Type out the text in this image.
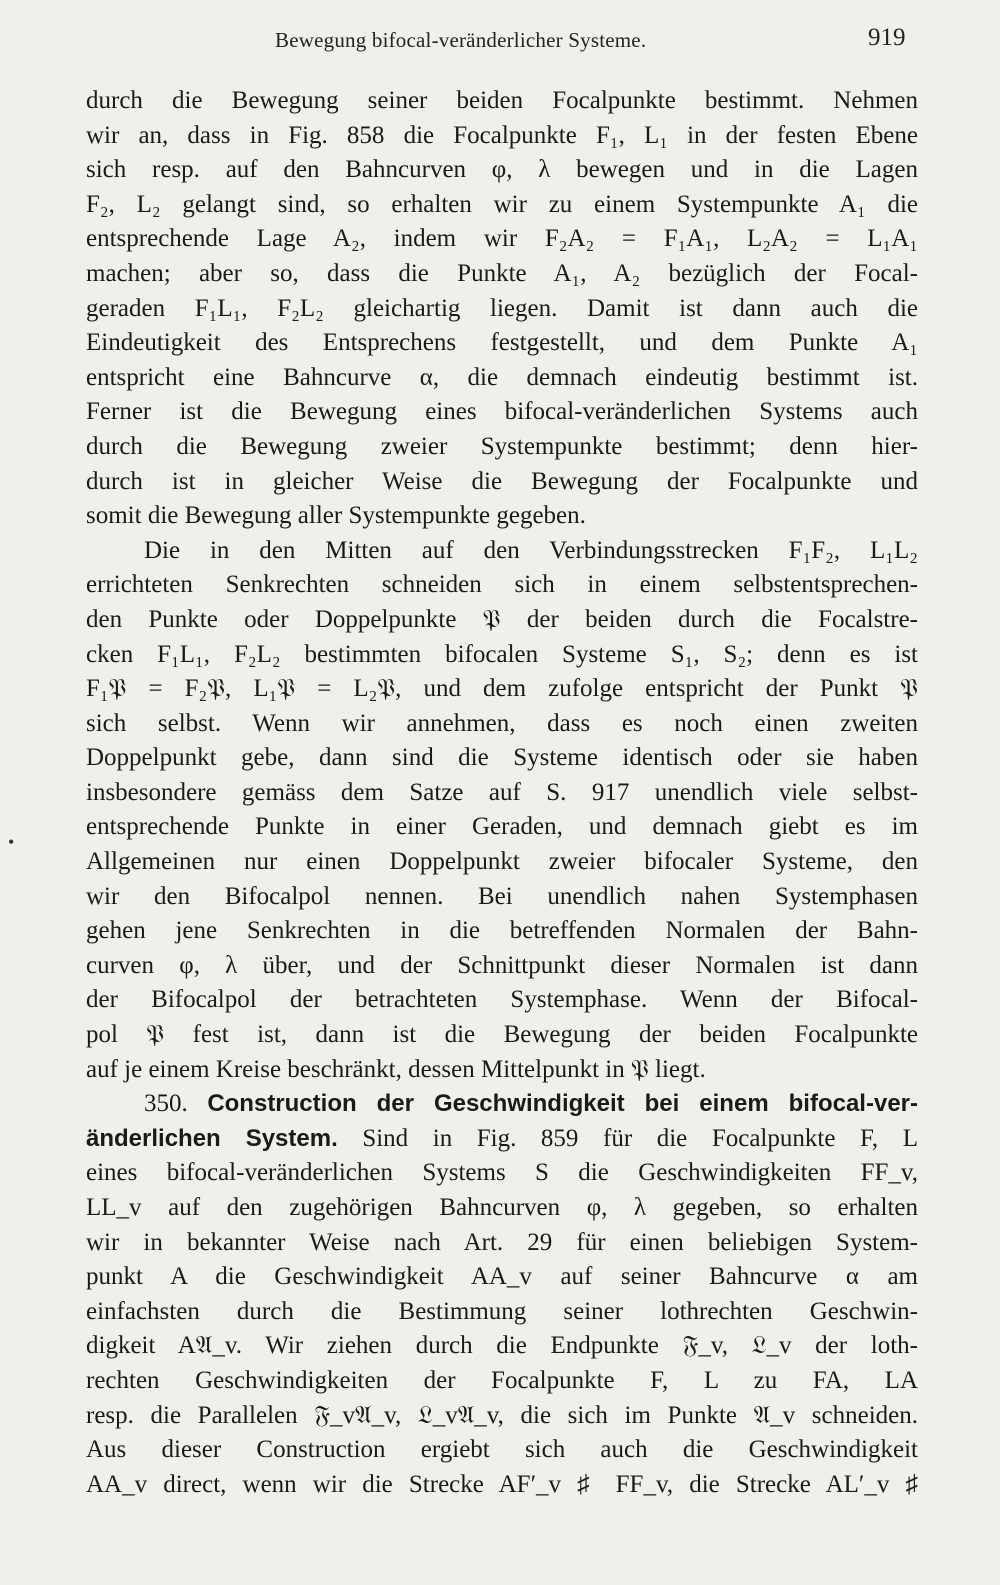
Bewegung bifocal-veränderlicher Systeme.	919
•
durch die Bewegung seiner beiden Focalpunkte bestimmt. Nehmen
wir an, dass in Fig. 858 die Focalpunkte F₁, L₁ in der festen Ebene
sich resp. auf den Bahncurven φ, λ bewegen und in die Lagen
F₂, L₂ gelangt sind, so erhalten wir zu einem Systempunkte A₁ die
entsprechende Lage A₂, indem wir F₂A₂ = F₁A₁, L₂A₂ = L₁A₁
machen; aber so, dass die Punkte A₁, A₂ bezüglich der Focal-
geraden F₁L₁, F₂L₂ gleichartig liegen. Damit ist dann auch die
Eindeutigkeit des Entsprechens festgestellt, und dem Punkte A₁
entspricht eine Bahncurve α, die demnach eindeutig bestimmt ist.
Ferner ist die Bewegung eines bifocal-veränderlichen Systems auch
durch die Bewegung zweier Systempunkte bestimmt; denn hier-
durch ist in gleicher Weise die Bewegung der Focalpunkte und
somit die Bewegung aller Systempunkte gegeben.
Die in den Mitten auf den Verbindungsstrecken F₁F₂, L₁L₂
errichteten Senkrechten schneiden sich in einem selbstentsprechen-
den Punkte oder Doppelpunkte 𝔓 der beiden durch die Focalstre-
cken F₁L₁, F₂L₂ bestimmten bifocalen Systeme S₁, S₂; denn es ist
F₁𝔓 = F₂𝔓, L₁𝔓 = L₂𝔓, und dem zufolge entspricht der Punkt 𝔓
sich selbst. Wenn wir annehmen, dass es noch einen zweiten
Doppelpunkt gebe, dann sind die Systeme identisch oder sie haben
insbesondere gemäss dem Satze auf S. 917 unendlich viele selbst-
entsprechende Punkte in einer Geraden, und demnach giebt es im
Allgemeinen nur einen Doppelpunkt zweier bifocaler Systeme, den
wir den Bifocalpol nennen. Bei unendlich nahen Systemphasen
gehen jene Senkrechten in die betreffenden Normalen der Bahn-
curven φ, λ über, und der Schnittpunkt dieser Normalen ist dann
der Bifocalpol der betrachteten Systemphase. Wenn der Bifocal-
pol 𝔓 fest ist, dann ist die Bewegung der beiden Focalpunkte
auf je einem Kreise beschränkt, dessen Mittelpunkt in 𝔓 liegt.
350. Construction der Geschwindigkeit bei einem bifocal-ver-
änderlichen System. Sind in Fig. 859 für die Focalpunkte F, L
eines bifocal-veränderlichen Systems S die Geschwindigkeiten FF_v,
LL_v auf den zugehörigen Bahncurven φ, λ gegeben, so erhalten
wir in bekannter Weise nach Art. 29 für einen beliebigen System-
punkt A die Geschwindigkeit AA_v auf seiner Bahncurve α am
einfachsten durch die Bestimmung seiner lothrechten Geschwin-
digkeit A𝔄_v. Wir ziehen durch die Endpunkte 𝔉_v, 𝔏_v der loth-
rechten Geschwindigkeiten der Focalpunkte F, L zu FA, LA
resp. die Parallelen 𝔉_v𝔄_v, 𝔏_v𝔄_v, die sich im Punkte 𝔄_v schneiden.
Aus dieser Construction ergiebt sich auch die Geschwindigkeit
AA_v direct, wenn wir die Strecke AF′_v ♯ FF_v, die Strecke AL′_v ♯
